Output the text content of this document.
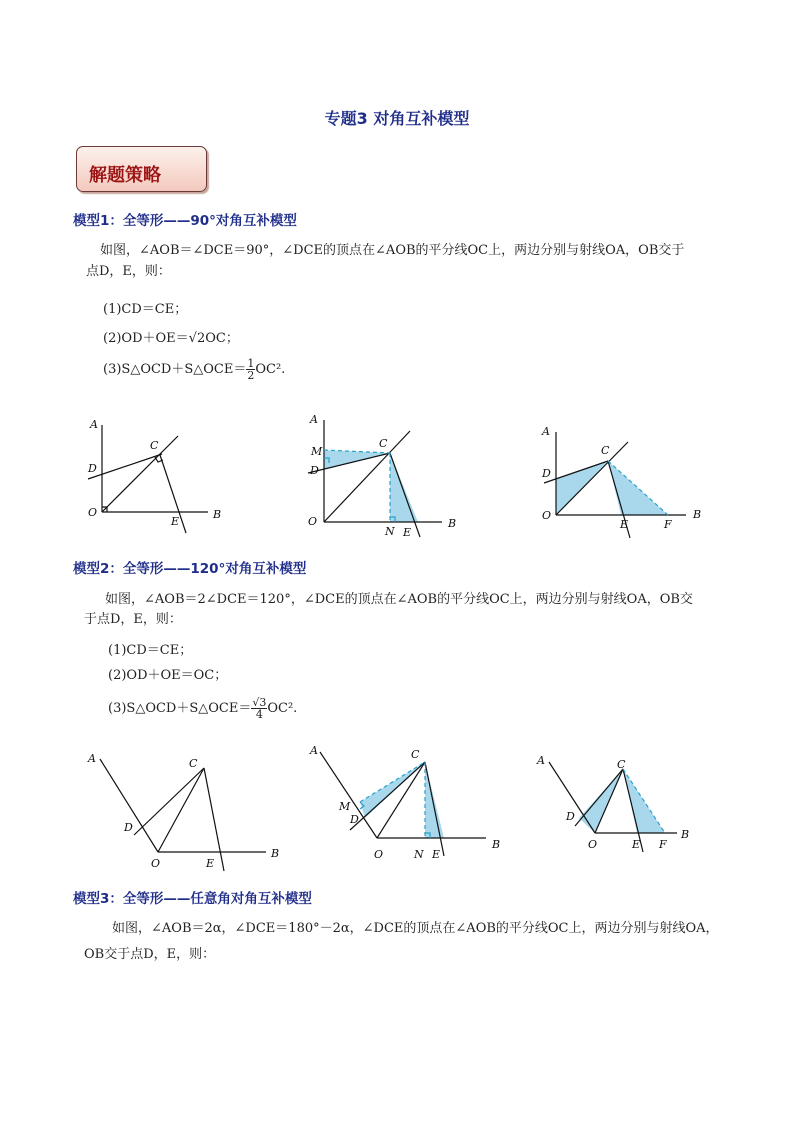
专题3 对角互补模型
解题策略
模型1：全等形——90°对角互补模型
如图，∠AOB＝∠DCE＝90°，∠DCE的顶点在∠AOB的平分线OC上，两边分别与射线OA，OB交于
点D，E，则：
(1)CD＝CE；
(2)OD＋OE＝√2OC；
(3)S△OCD＋S△OCE＝ $\frac{1}{2} OC^2$.
A
B
C
D
E
O
A
B
C
D
M
N E
O
A
B
C
D
E	F
O
模型2：全等形——120°对角互补模型
如图，∠AOB＝2∠DCE＝120°，∠DCE的顶点在∠AOB的平分线OC上，两边分别与射线OA，OB交
于点D，E，则：
(1)CD＝CE；
(2)OD＋OE＝OC；
(3)S△OCD＋S△OCE＝ $\frac{√3}{4} OC^2$.
A
B
C
D
E
O
A
B
C
D
M
N E
O
A
B
C
D
E F
O
模型3：全等形——任意角对角互补模型
如图，∠AOB＝2α，∠DCE＝180°－2α，∠DCE的顶点在∠AOB的平分线OC上，两边分别与射线OA，
OB交于点D，E，则：
